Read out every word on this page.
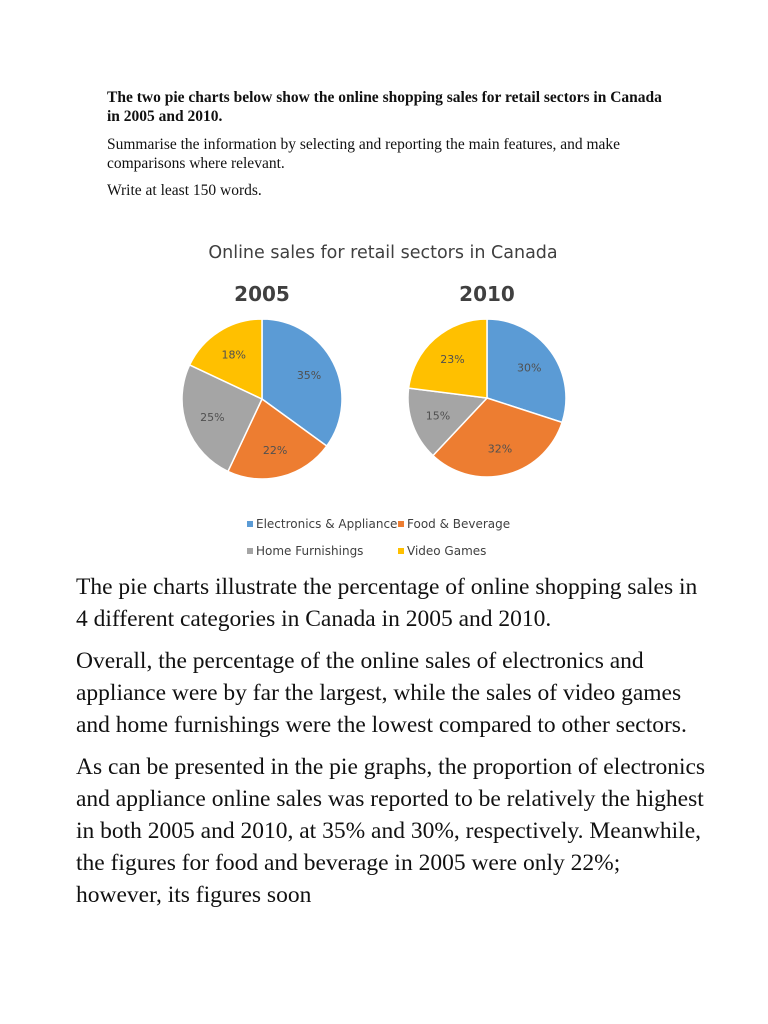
The two pie charts below show the online shopping sales for retail sectors in Canada in 2005 and 2010.

Summarise the information by selecting and reporting the main features, and make comparisons where relevant.

Write at least 150 words.

Online sales for retail sectors in Canada
2005
35%
22%
25%
18%
2010
30%
32%
15%
23%
Electronics & Appliance Food & Beverage
Home Furnishings	Video Games

The pie charts illustrate the percentage of online shopping sales in 4 different categories in Canada in 2005 and 2010.

Overall, the percentage of the online sales of electronics and appliance were by far the largest, while the sales of video games and home furnishings were the lowest compared to other sectors.

As can be presented in the pie graphs, the proportion of electronics and appliance online sales was reported to be relatively the highest in both 2005 and 2010, at 35% and 30%, respectively. Meanwhile, the figures for food and beverage in 2005 were only 22%; however, its figures soon
